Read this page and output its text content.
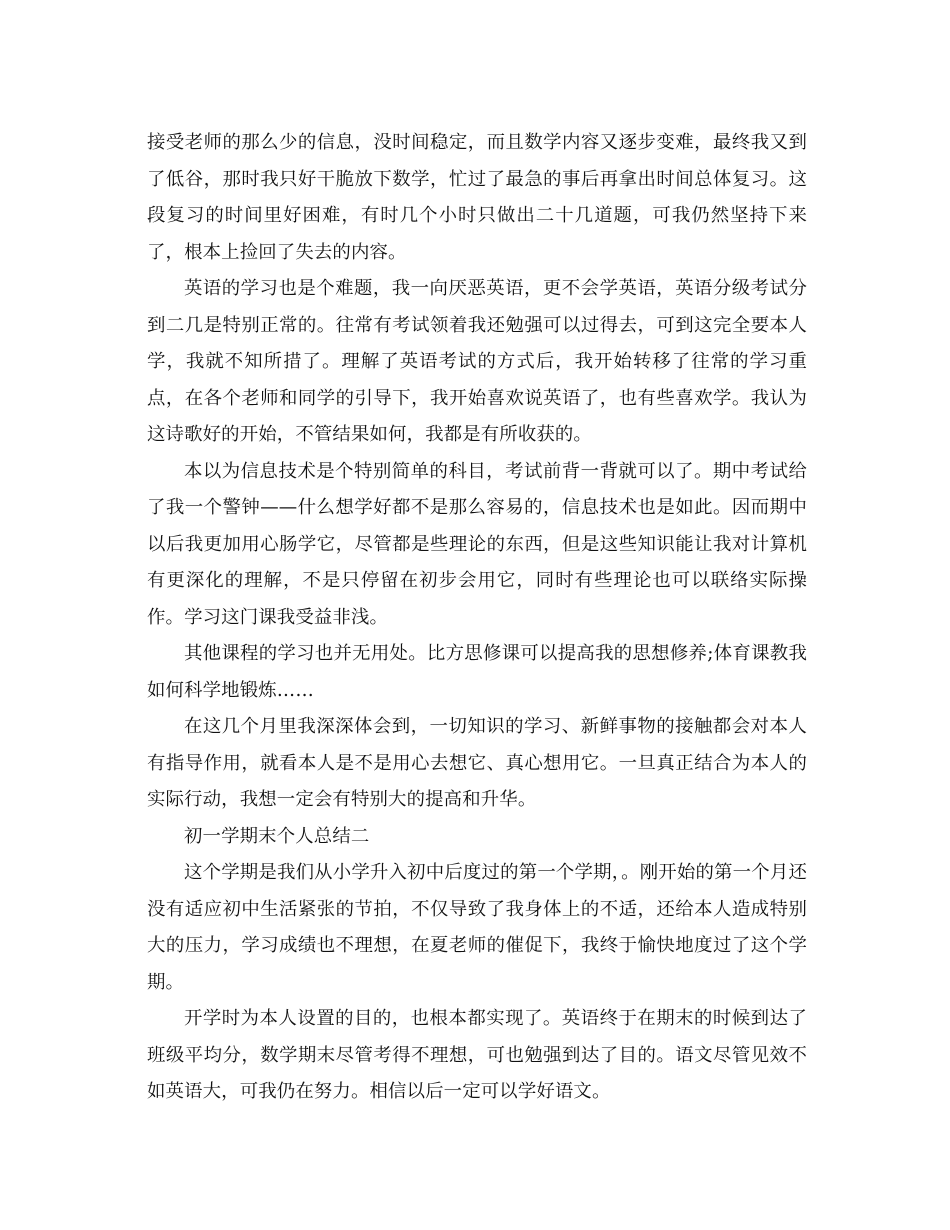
接受老师的那么少的信息，没时间稳定，而且数学内容又逐步变难，最终我又到了低谷，那时我只好干脆放下数学，忙过了最急的事后再拿出时间总体复习。这段复习的时间里好困难，有时几个小时只做出二十几道题，可我仍然坚持下来了，根本上捡回了失去的内容。

英语的学习也是个难题，我一向厌恶英语，更不会学英语，英语分级考试分到二几是特别正常的。往常有考试领着我还勉强可以过得去，可到这完全要本人学，我就不知所措了。理解了英语考试的方式后，我开始转移了往常的学习重点，在各个老师和同学的引导下，我开始喜欢说英语了，也有些喜欢学。我认为这诗歌好的开始，不管结果如何，我都是有所收获的。

本以为信息技术是个特别简单的科目，考试前背一背就可以了。期中考试给了我一个警钟——什么想学好都不是那么容易的，信息技术也是如此。因而期中以后我更加用心肠学它，尽管都是些理论的东西，但是这些知识能让我对计算机有更深化的理解，不是只停留在初步会用它，同时有些理论也可以联络实际操作。学习这门课我受益非浅。

其他课程的学习也并无用处。比方思修课可以提高我的思想修养;体育课教我如何科学地锻炼……

在这几个月里我深深体会到，一切知识的学习、新鲜事物的接触都会对本人有指导作用，就看本人是不是用心去想它、真心想用它。一旦真正结合为本人的实际行动，我想一定会有特别大的提高和升华。

初一学期末个人总结二

这个学期是我们从小学升入初中后度过的第一个学期，。刚开始的第一个月还没有适应初中生活紧张的节拍，不仅导致了我身体上的不适，还给本人造成特别大的压力，学习成绩也不理想，在夏老师的催促下，我终于愉快地度过了这个学期。

开学时为本人设置的目的，也根本都实现了。英语终于在期末的时候到达了班级平均分，数学期末尽管考得不理想，可也勉强到达了目的。语文尽管见效不如英语大，可我仍在努力。相信以后一定可以学好语文。
